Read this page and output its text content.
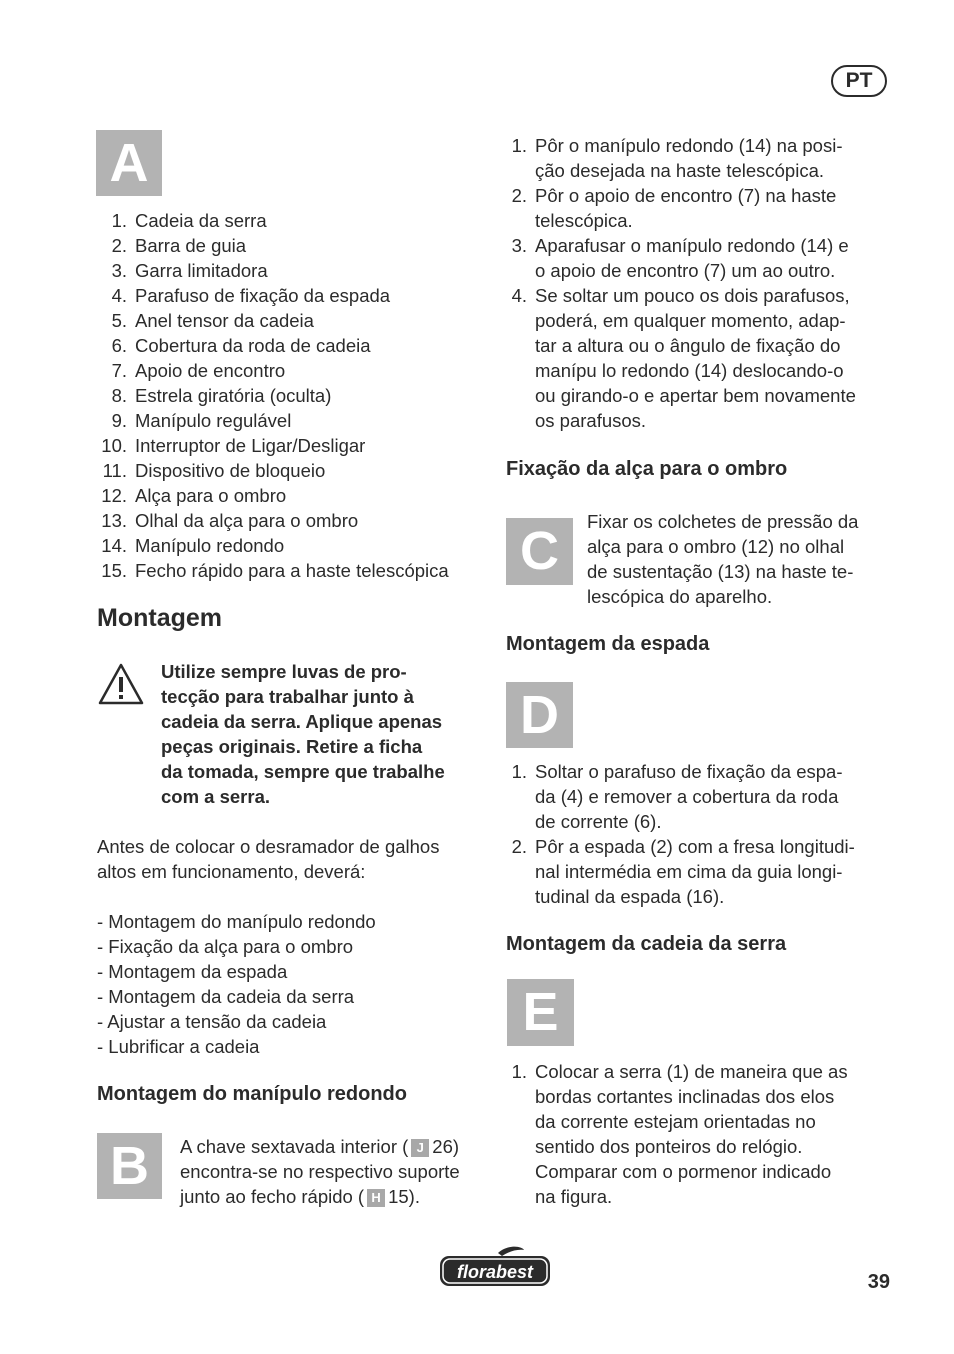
PT
A
1. Cadeia da serra
2. Barra de guia
3. Garra limitadora
4. Parafuso de fixação da espada
5. Anel tensor da cadeia
6. Cobertura da roda de cadeia
7. Apoio de encontro
8. Estrela giratória (oculta)
9. Manípulo regulável
10. Interruptor de Ligar/Desligar
11. Dispositivo de bloqueio
12. Alça para o ombro
13. Olhal da alça para o ombro
14. Manípulo redondo
15. Fecho rápido para a haste telescópica
Montagem
Utilize sempre luvas de pro-
tecção para trabalhar junto à
cadeia da serra. Aplique apenas
peças originais. Retire a ficha
da tomada, sempre que trabalhe
com a serra.
Antes de colocar o desramador de galhos
altos em funcionamento, deverá:
- Montagem do manípulo redondo
- Fixação da alça para o ombro
- Montagem da espada
- Montagem da cadeia da serra
- Ajustar a tensão da cadeia
- Lubrificar a cadeia
Montagem do manípulo redondo
B	A chave sextavada interior ( J 26)
encontra-se no respectivo suporte
junto ao fecho rápido ( H 15).
1. Pôr o manípulo redondo (14) na posi-
ção desejada na haste telescópica.
2. Pôr o apoio de encontro (7) na haste
telescópica.
3. Aparafusar o manípulo redondo (14) e
o apoio de encontro (7) um ao outro.
4. Se soltar um pouco os dois parafusos,
poderá, em qualquer momento, adap-
tar a altura ou o ângulo de fixação do
manípu lo redondo (14) deslocando-o
ou girando-o e apertar bem novamente
os parafusos.
Fixação da alça para o ombro
C	Fixar os colchetes de pressão da
alça para o ombro (12) no olhal
de sustentação (13) na haste te-
lescópica do aparelho.
Montagem da espada
D
1. Soltar o parafuso de fixação da espa-
da (4) e remover a cobertura da roda
de corrente (6).
2. Pôr a espada (2) com a fresa longitudi-
nal intermédia em cima da guia longi-
tudinal da espada (16).
Montagem da cadeia da serra
E
1. Colocar a serra (1) de maneira que as
bordas cortantes inclinadas dos elos
da corrente estejam orientadas no
sentido dos ponteiros do relógio.
Comparar com o pormenor indicado
na figura.
florabest	39
